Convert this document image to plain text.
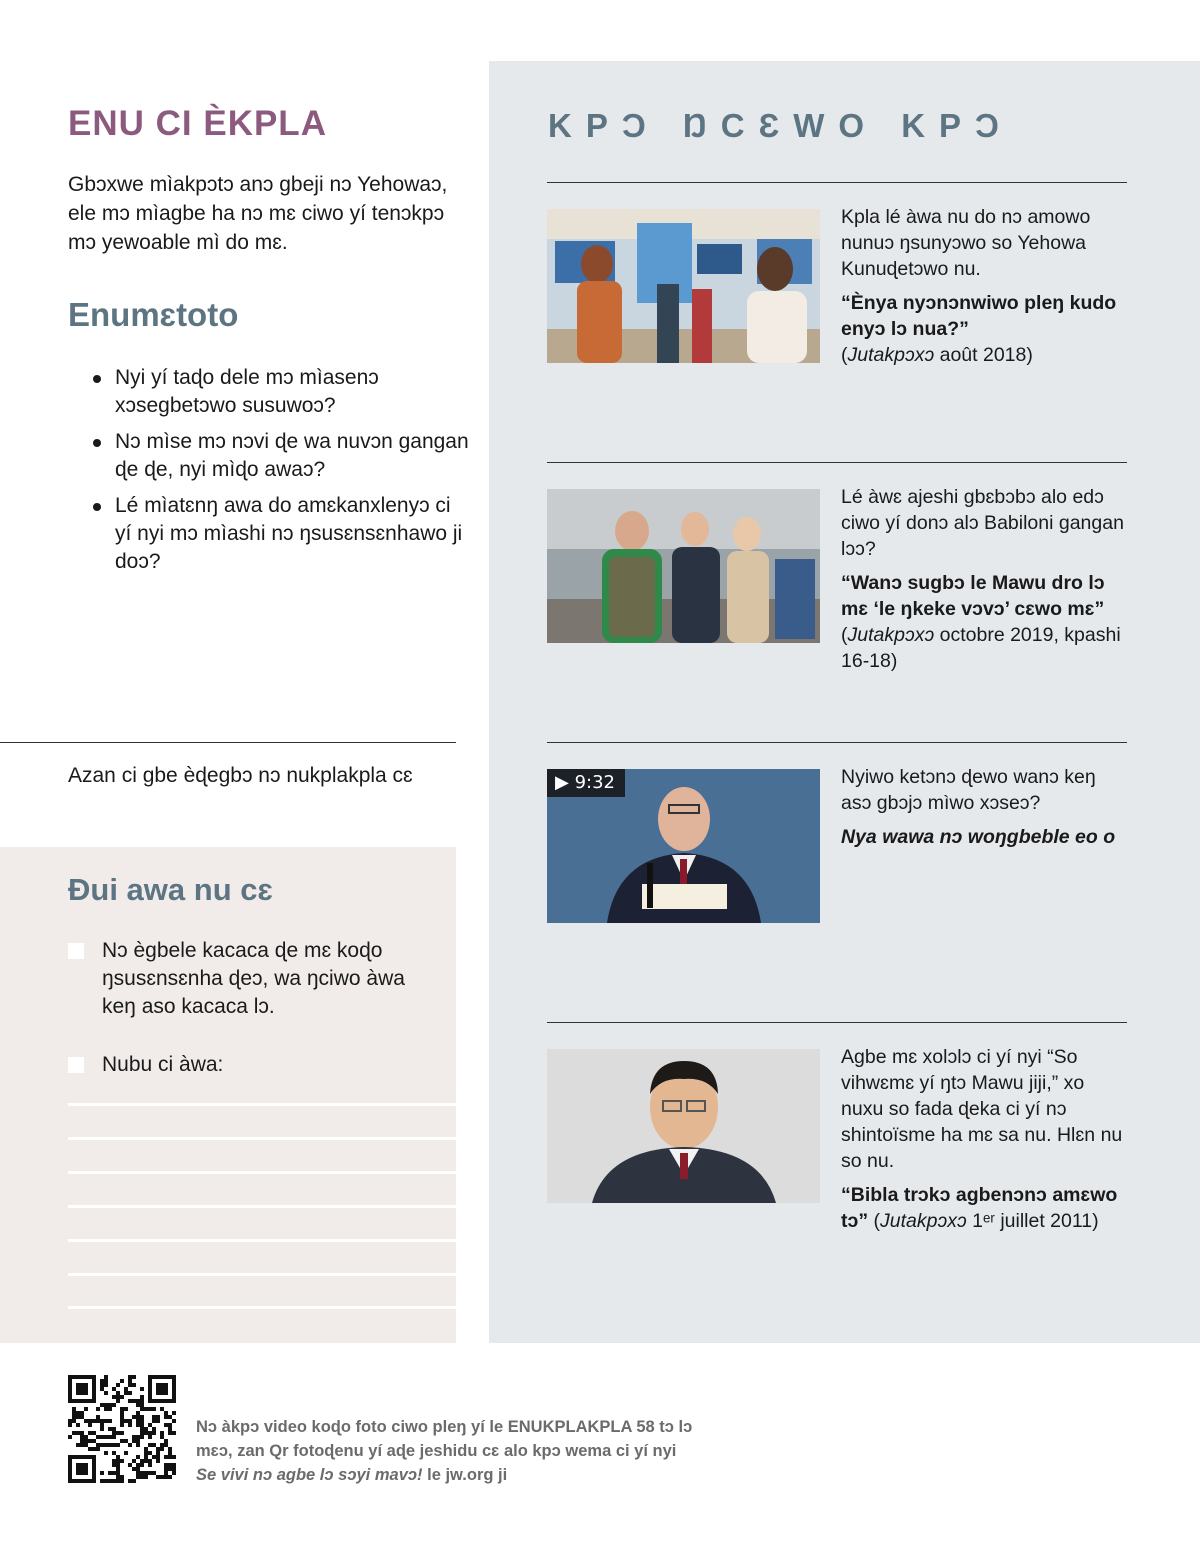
ENU CI ÈKPLA

Gbɔxwe mìakpɔtɔ anɔ gbeji nɔ Yehowaɔ, ele mɔ mìagbe ha nɔ mɛ ciwo yí tenɔkpɔ mɔ yewoable mì do mɛ.

Enumɛtoto
Nyi yí taɖo dele mɔ mìasenɔ xɔsegbetɔwo susuwoɔ?
Nɔ mìse mɔ nɔvi ɖe wa nuvɔn gangan ɖe ɖe, nyi mìɖo awaɔ?
Lé mìatɛnŋ awa do amɛkanxlenyɔ ci yí nyi mɔ mìashi nɔ ŋsusɛnsɛnhawo ji doɔ?
Azan ci gbe èɖegbɔ nɔ nukplakpla cɛ
Ɖui awa nu cɛ
Nɔ ègbele kacaca ɖe mɛ koɖo ŋsusɛnsɛnha ɖeɔ, wa ŋciwo àwa keŋ aso kacaca lɔ.
Nubu ci àwa:
KPƆ ŊCƐWO KPƆ

Kpla lé àwa nu do nɔ amowo nunuɔ ŋsunyɔwo so Yehowa Kunuɖetɔwo nu.

“Ènya nyɔnɔnwiwo pleŋ kudo enyɔ lɔ nua?”

(Jutakpɔxɔ août 2018)

Lé àwɛ ajeshi gbɛbɔbɔ alo edɔ ciwo yí donɔ alɔ Babiloni gangan lɔɔ?

“Wanɔ sugbɔ le Mawu dro lɔ mɛ ‘le ŋkeke vɔvɔ’ cɛwo mɛ”

(Jutakpɔxɔ octobre 2019, kpashi 16-18)

▶ 9:32	Nyiwo ketɔnɔ ɖewo wanɔ keŋ asɔ gbɔjɔ mìwo xɔseɔ?

Nya wawa nɔ woŋgbeble eo o

Agbe mɛ xolɔlɔ ci yí nyi “So vihwɛmɛ yí ŋtɔ Mawu jiji,” xo nuxu so fada ɖeka ci yí nɔ shintoïsme ha mɛ sa nu. Hlɛn nu so nu.

“Bibla trɔkɔ agbenɔnɔ amɛwo tɔ” (Jutakpɔxɔ 1ᵉʳ juillet 2011)

Nɔ àkpɔ video koɖo foto ciwo pleŋ yí le ENUKPLAKPLA 58 tɔ lɔ mɛɔ, zan Qr fotoɖenu yí aɖe jeshidu cɛ alo kpɔ wema ci yí nyi Se vivi nɔ agbe lɔ sɔyi mavɔ! le jw.org ji
